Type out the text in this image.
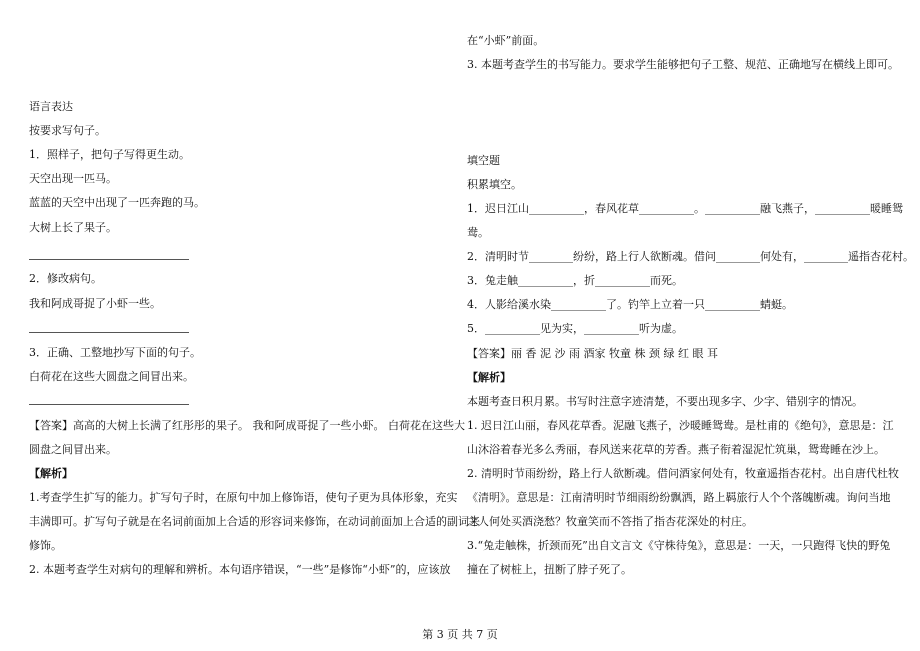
语言表达
按要求写句子。
1．照样子，把句子写得更生动。
天空出现一匹马。
蓝蓝的天空中出现了一匹奔跑的马。
大树上长了果子。
2．修改病句。
我和阿成哥捉了小虾一些。
3．正确、工整地抄写下面的句子。
白荷花在这些大圆盘之间冒出来。
【答案】高高的大树上长满了红彤彤的果子。 我和阿成哥捉了一些小虾。 白荷花在这些大
圆盘之间冒出来。
【解析】
1.考查学生扩写的能力。扩写句子时，在原句中加上修饰语，使句子更为具体形象，充实
丰满即可。扩写句子就是在名词前面加上合适的形容词来修饰，在动词前面加上合适的副词来
修饰。
2. 本题考查学生对病句的理解和辨析。本句语序错误，“一些”是修饰“小虾”的，应该放
在“小虾”前面。
3. 本题考查学生的书写能力。要求学生能够把句子工整、规范、正确地写在横线上即可。
填空题
积累填空。
1．迟日江山__________，春风花草__________。__________融飞燕子，__________暖睡鸳
鸯。
2．清明时节________纷纷，路上行人欲断魂。借问________何处有，________遥指杏花村。
3．兔走触__________，折__________而死。
4．人影给溪水染__________了。钓竿上立着一只__________蜻蜓。
5．__________见为实，__________听为虚。
【答案】丽 香 泥 沙 雨 酒家 牧童 株 颈 绿 红 眼 耳
【解析】
本题考查日积月累。书写时注意字迹清楚，不要出现多字、少字、错别字的情况。
1. 迟日江山丽，春风花草香。泥融飞燕子，沙暖睡鸳鸯。是杜甫的《绝句》，意思是：江
山沐浴着春光多么秀丽，春风送来花草的芳香。燕子衔着湿泥忙筑巢，鸳鸯睡在沙上。
2. 清明时节雨纷纷，路上行人欲断魂。借问酒家何处有，牧童遥指杏花村。出自唐代杜牧
《清明》。意思是：江南清明时节细雨纷纷飘洒，路上羁旅行人个个落魄断魂。询问当地
之人何处买酒浇愁？牧童笑而不答指了指杏花深处的村庄。
3.“兔走触株，折颈而死”出自文言文《守株待兔》，意思是：一天，一只跑得飞快的野兔
撞在了树桩上，扭断了脖子死了。
第 3 页 共 7 页
